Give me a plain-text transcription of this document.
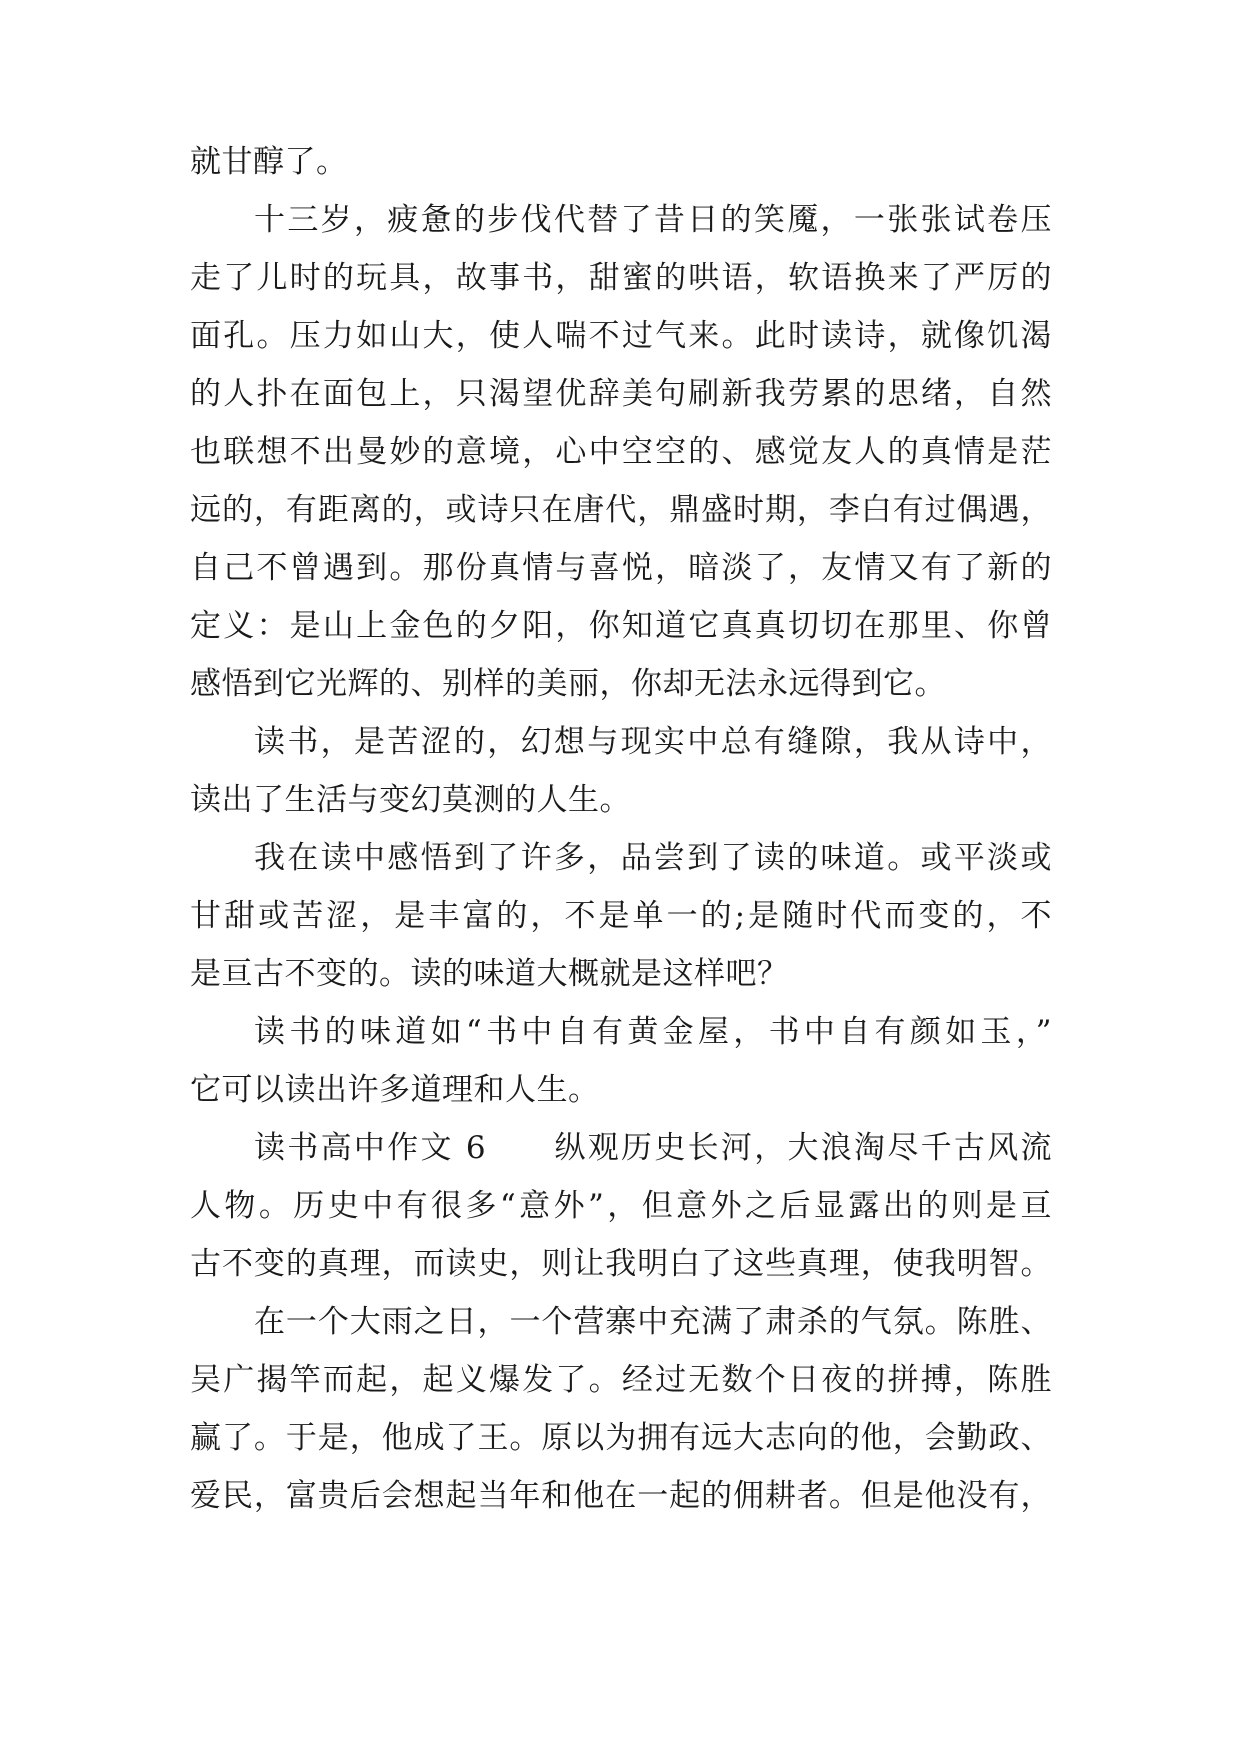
就甘醇了。
十三岁，疲惫的步伐代替了昔日的笑魇，一张张试卷压
走了儿时的玩具，故事书，甜蜜的哄语，软语换来了严厉的
面孔。压力如山大，使人喘不过气来。此时读诗，就像饥渴
的人扑在面包上，只渴望优辞美句刷新我劳累的思绪，自然
也联想不出曼妙的意境，心中空空的、感觉友人的真情是茫
远的，有距离的，或诗只在唐代，鼎盛时期，李白有过偶遇，
自己不曾遇到。那份真情与喜悦，暗淡了，友情又有了新的
定义：是山上金色的夕阳，你知道它真真切切在那里、你曾
感悟到它光辉的、别样的美丽，你却无法永远得到它。
读书，是苦涩的，幻想与现实中总有缝隙，我从诗中，
读出了生活与变幻莫测的人生。
我在读中感悟到了许多，品尝到了读的味道。或平淡或
甘甜或苦涩，是丰富的，不是单一的;是随时代而变的，不
是亘古不变的。读的味道大概就是这样吧？
读书的味道如“书中自有黄金屋，书中自有颜如玉，”
它可以读出许多道理和人生。
读书高中作文 6　　纵观历史长河，大浪淘尽千古风流
人物。历史中有很多“意外”，但意外之后显露出的则是亘
古不变的真理，而读史，则让我明白了这些真理，使我明智。
在一个大雨之日，一个营寨中充满了肃杀的气氛。陈胜、
吴广揭竿而起，起义爆发了。经过无数个日夜的拼搏，陈胜
赢了。于是，他成了王。原以为拥有远大志向的他，会勤政、
爱民，富贵后会想起当年和他在一起的佣耕者。但是他没有，
